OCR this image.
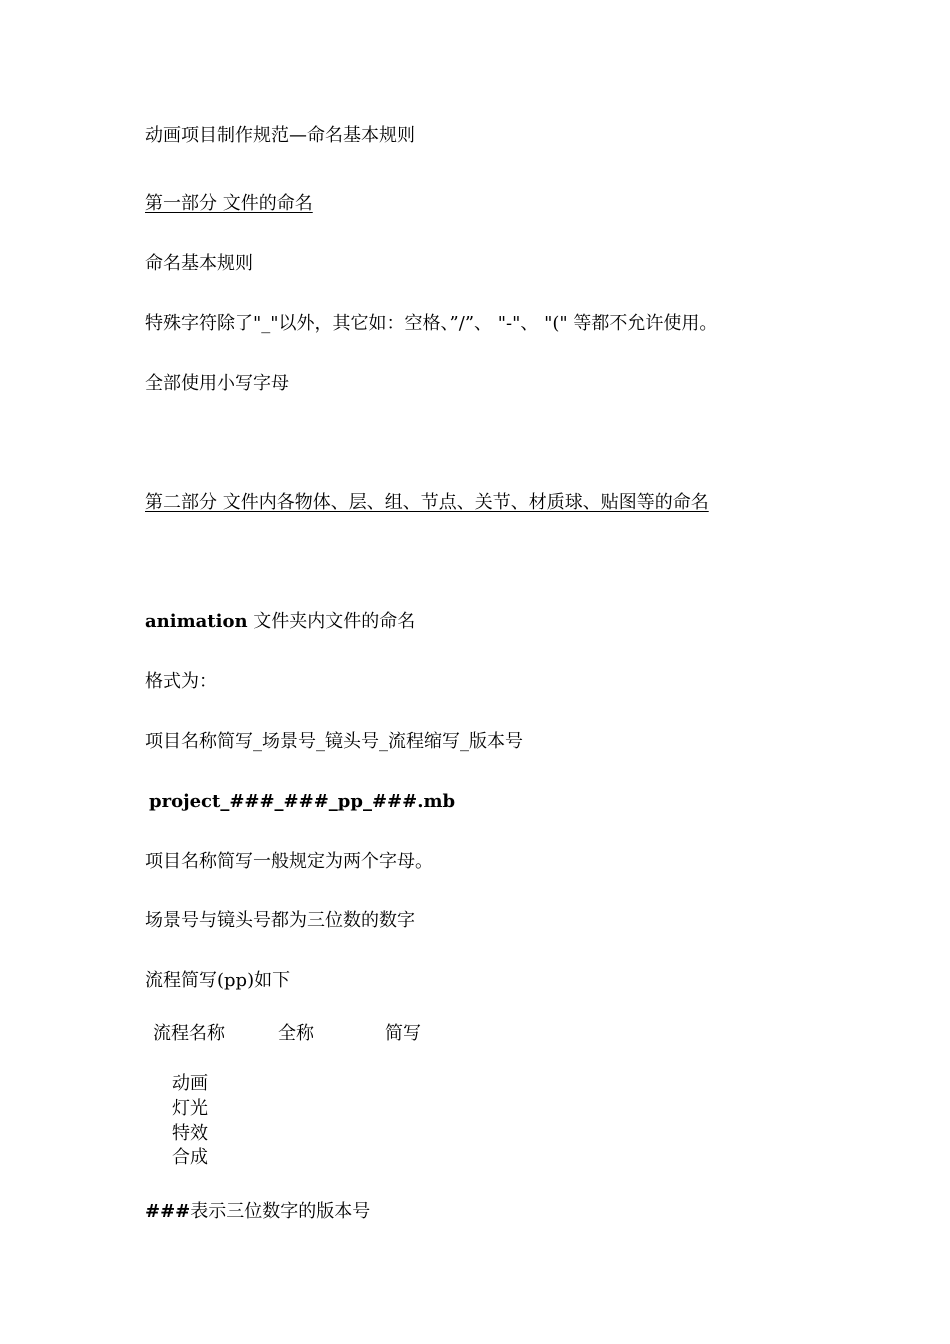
动画项目制作规范—命名基本规则
第一部分 文件的命名
命名基本规则
特殊字符除了"_"以外，其它如：空格、”/”、 "-"、 "(" 等都不允许使用。
全部使用小写字母
第二部分 文件内各物体、层、组、节点、关节、材质球、贴图等的命名
animation 文件夹内文件的命名
格式为：
项目名称简写_场景号_镜头号_流程缩写_版本号
project_###_###_pp_###.mb
项目名称简写一般规定为两个字母。
场景号与镜头号都为三位数的数字
流程简写(pp)如下
流程名称	全称	简写
动画
灯光
特效
合成
###表示三位数字的版本号
